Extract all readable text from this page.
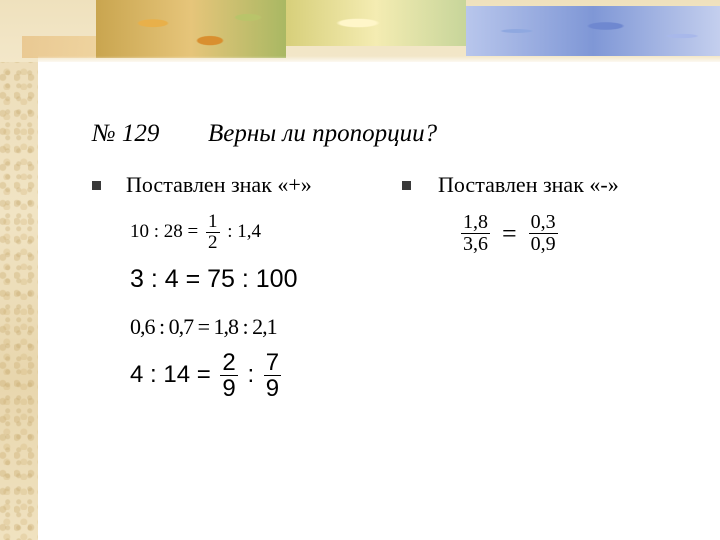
№ 129 Верны ли пропорции?
Поставлен знак «+»	Поставлен знак «-»
10 : $28 = \frac{1}{2}$ : 1,4
3 : 4 = 75 : 100
0,6 : 0,7 = 1,8 : 2,1
4 : $14 = \frac{2}{9}$ : $\frac{7}{9}$
$\frac{1,8}{3,6} = \frac{0,3}{0,9}$
